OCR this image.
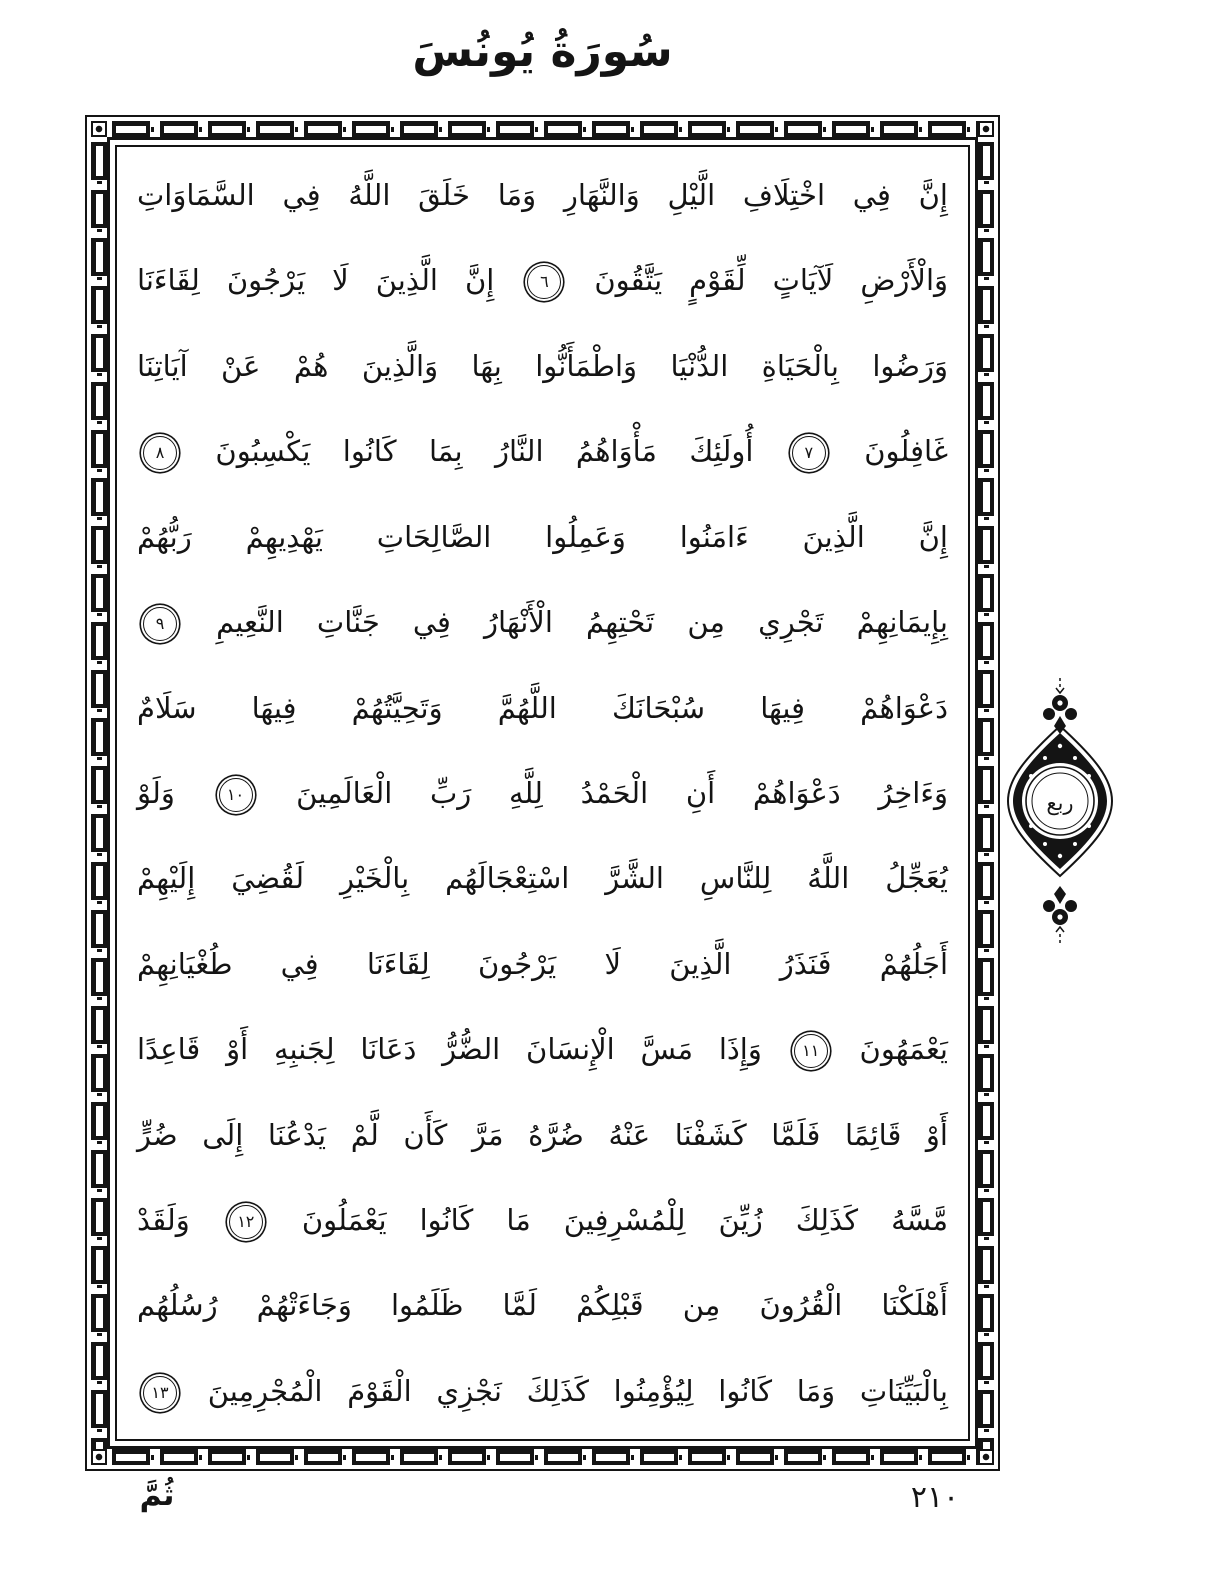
سُورَةُ يُونُسَ
إِنَّ فِي اخْتِلَافِ الَّيْلِ وَالنَّهَارِ وَمَا خَلَقَ اللَّهُ فِي السَّمَاوَاتِ
وَالْأَرْضِ لَآيَاتٍ لِّقَوْمٍ يَتَّقُونَ ٦ إِنَّ الَّذِينَ لَا يَرْجُونَ لِقَاءَنَا
وَرَضُوا بِالْحَيَاةِ الدُّنْيَا وَاطْمَأَنُّوا بِهَا وَالَّذِينَ هُمْ عَنْ آيَاتِنَا
غَافِلُونَ ٧ أُولَئِكَ مَأْوَاهُمُ النَّارُ بِمَا كَانُوا يَكْسِبُونَ ٨
إِنَّ الَّذِينَ ءَامَنُوا وَعَمِلُوا الصَّالِحَاتِ يَهْدِيهِمْ رَبُّهُمْ
بِإِيمَانِهِمْ تَجْرِي مِن تَحْتِهِمُ الْأَنْهَارُ فِي جَنَّاتِ النَّعِيمِ ٩
دَعْوَاهُمْ فِيهَا سُبْحَانَكَ اللَّهُمَّ وَتَحِيَّتُهُمْ فِيهَا سَلَامٌ
وَءَاخِرُ دَعْوَاهُمْ أَنِ الْحَمْدُ لِلَّهِ رَبِّ الْعَالَمِينَ ١٠ وَلَوْ
يُعَجِّلُ اللَّهُ لِلنَّاسِ الشَّرَّ اسْتِعْجَالَهُم بِالْخَيْرِ لَقُضِيَ إِلَيْهِمْ
أَجَلُهُمْ فَنَذَرُ الَّذِينَ لَا يَرْجُونَ لِقَاءَنَا فِي طُغْيَانِهِمْ
يَعْمَهُونَ ١١ وَإِذَا مَسَّ الْإِنسَانَ الضُّرُّ دَعَانَا لِجَنبِهِ أَوْ قَاعِدًا
أَوْ قَائِمًا فَلَمَّا كَشَفْنَا عَنْهُ ضُرَّهُ مَرَّ كَأَن لَّمْ يَدْعُنَا إِلَى ضُرٍّ
مَّسَّهُ كَذَلِكَ زُيِّنَ لِلْمُسْرِفِينَ مَا كَانُوا يَعْمَلُونَ ١٢ وَلَقَدْ
أَهْلَكْنَا الْقُرُونَ مِن قَبْلِكُمْ لَمَّا ظَلَمُوا وَجَاءَتْهُمْ رُسُلُهُم
بِالْبَيِّنَاتِ وَمَا كَانُوا لِيُؤْمِنُوا كَذَلِكَ نَجْزِي الْقَوْمَ الْمُجْرِمِينَ ١٣
ربع
ثُمَّ	٢١٠
